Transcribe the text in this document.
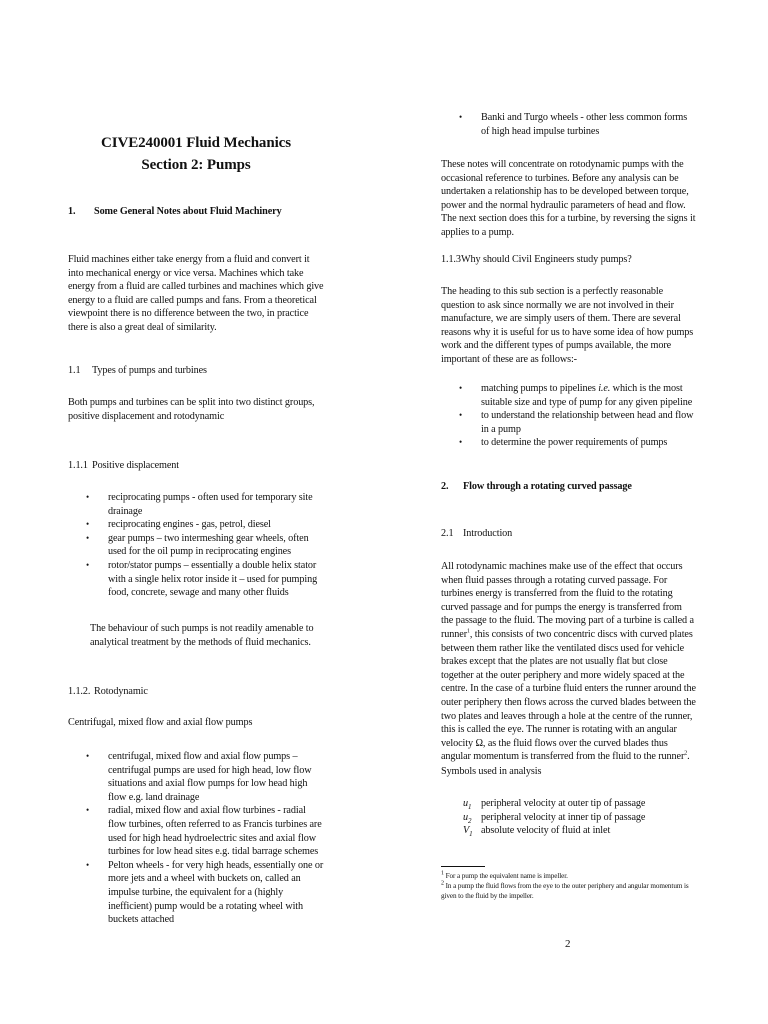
CIVE240001 Fluid Mechanics
Section 2: Pumps
1. Some General Notes about Fluid Machinery
Fluid machines either take energy from a fluid and convert it into mechanical energy or vice versa. Machines which take energy from a fluid are called turbines and machines which give energy to a fluid are called pumps and fans. From a theoretical viewpoint there is no difference between the two, in practice there is also a great deal of similarity.
1.1 Types of pumps and turbines
Both pumps and turbines can be split into two distinct groups, positive displacement and rotodynamic
1.1.1 Positive displacement
• reciprocating pumps - often used for temporary site drainage
• reciprocating engines - gas, petrol, diesel
• gear pumps – two intermeshing gear wheels, often used for the oil pump in reciprocating engines
• rotor/stator pumps – essentially a double helix stator with a single helix rotor inside it – used for pumping food, concrete, sewage and many other fluids
The behaviour of such pumps is not readily amenable to analytical treatment by the methods of fluid mechanics.
1.1.2. Rotodynamic
Centrifugal, mixed flow and axial flow pumps
• centrifugal, mixed flow and axial flow pumps – centrifugal pumps are used for high head, low flow situations and axial flow pumps for low head high flow e.g. land drainage
• radial, mixed flow and axial flow turbines - radial flow turbines, often referred to as Francis turbines are used for high head hydroelectric sites and axial flow turbines for low head sites e.g. tidal barrage schemes
• Pelton wheels - for very high heads, essentially one or more jets and a wheel with buckets on, called an impulse turbine, the equivalent for a (highly inefficient) pump would be a rotating wheel with buckets attached
• Banki and Turgo wheels - other less common forms of high head impulse turbines
These notes will concentrate on rotodynamic pumps with the occasional reference to turbines. Before any analysis can be undertaken a relationship has to be developed between torque, power and the normal hydraulic parameters of head and flow. The next section does this for a turbine, by reversing the signs it applies to a pump.
1.1.3Why should Civil Engineers study pumps?
The heading to this sub section is a perfectly reasonable question to ask since normally we are not involved in their manufacture, we are simply users of them. There are several reasons why it is useful for us to have some idea of how pumps work and the different types of pumps available, the more important of these are as follows:-
• matching pumps to pipelines i.e. which is the most suitable size and type of pump for any given pipeline
• to understand the relationship between head and flow in a pump
• to determine the power requirements of pumps
2. Flow through a rotating curved passage
2.1 Introduction
All rotodynamic machines make use of the effect that occurs when fluid passes through a rotating curved passage. For turbines energy is transferred from the fluid to the rotating curved passage and for pumps the energy is transferred from the passage to the fluid. The moving part of a turbine is called a runner$^1$, this consists of two concentric discs with curved plates between them rather like the ventilated discs used for vehicle brakes except that the plates are not usually flat but close together at the outer periphery and more widely spaced at the centre. In the case of a turbine fluid enters the runner around the outer periphery then flows across the curved blades between the two plates and leaves through a hole at the centre of the runner, this is called the eye. The runner is rotating with an angular velocity Ω, as the fluid flows over the curved blades thus angular momentum is transferred from the fluid to the runner$^2$.
Symbols used in analysis
$u_1$ peripheral velocity at outer tip of passage
$u_2$ peripheral velocity at inner tip of passage
$V_1$ absolute velocity of fluid at inlet
$^1$ For a pump the equivalent name is impeller.
$^2$ In a pump the fluid flows from the eye to the outer periphery and angular momentum is given to the fluid by the impeller.
2
